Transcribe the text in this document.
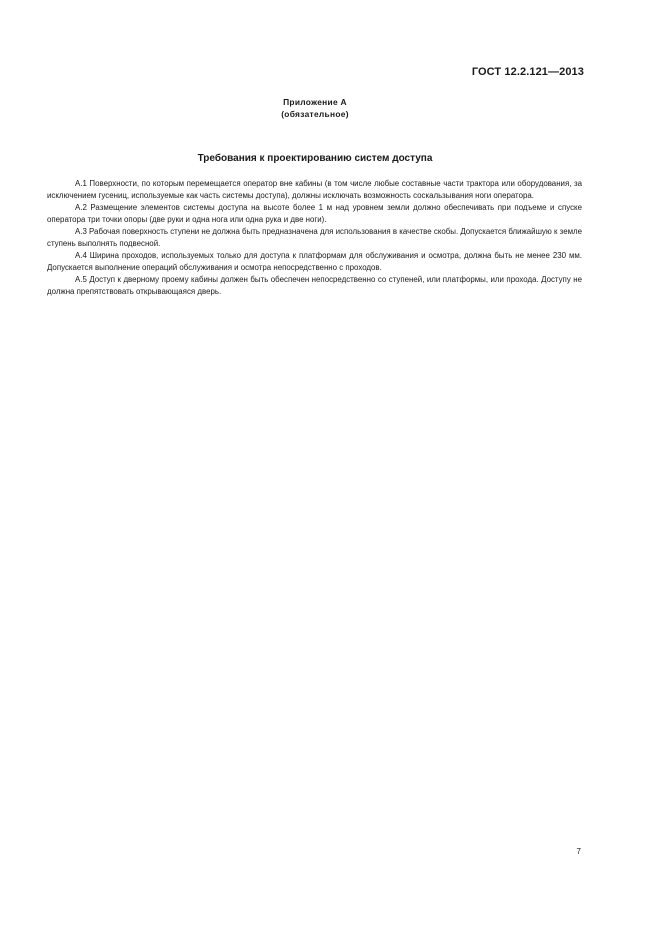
ГОСТ 12.2.121—2013
Приложение А
(обязательное)
Требования к проектированию систем доступа

А.1 Поверхности, по которым перемещается оператор вне кабины (в том числе любые составные части трактора или оборудования, за исключением гусениц, используемые как часть системы доступа), должны исключать возможность соскальзывания ноги оператора.

А.2 Размещение элементов системы доступа на высоте более 1 м над уровнем земли должно обеспечивать при подъеме и спуске оператора три точки опоры (две руки и одна нога или одна рука и две ноги).

А.3 Рабочая поверхность ступени не должна быть предназначена для использования в качестве скобы. Допускается ближайшую к земле ступень выполнять подвесной.

А.4 Ширина проходов, используемых только для доступа к платформам для обслуживания и осмотра, должна быть не менее 230 мм. Допускается выполнение операций обслуживания и осмотра непосредственно с проходов.

А.5 Доступ к дверному проему кабины должен быть обеспечен непосредственно со ступеней, или платформы, или прохода. Доступу не должна препятствовать открывающаяся дверь.

7
